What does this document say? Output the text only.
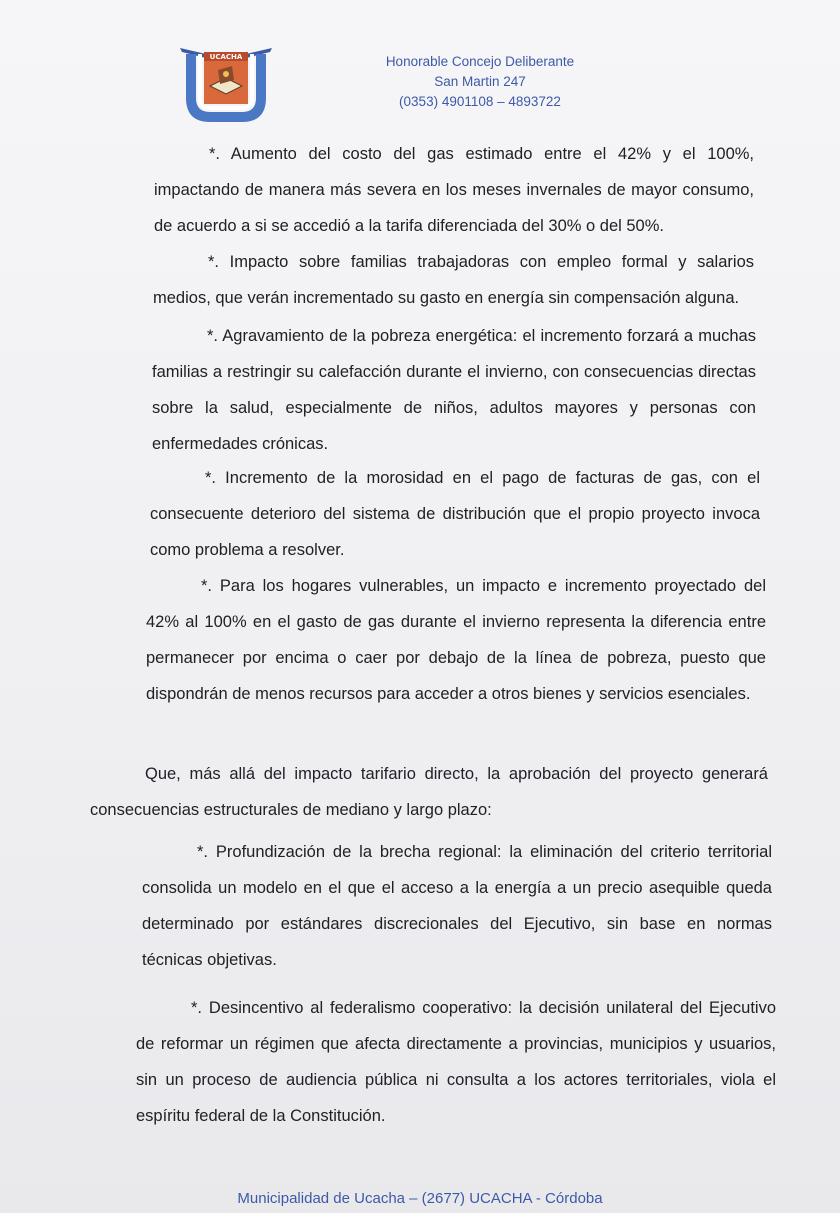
UCACHA	Honorable Concejo Deliberante
San Martin 247
(0353) 4901108 – 4893722

*. Aumento del costo del gas estimado entre el 42% y el 100%, impactando de manera más severa en los meses invernales de mayor consumo, de acuerdo a si se accedió a la tarifa diferenciada del 30% o del 50%.

*. Impacto sobre familias trabajadoras con empleo formal y salarios medios, que verán incrementado su gasto en energía sin compensación alguna.

*. Agravamiento de la pobreza energética: el incremento forzará a muchas familias a restringir su calefacción durante el invierno, con consecuencias directas sobre la salud, especialmente de niños, adultos mayores y personas con enfermedades crónicas.

*. Incremento de la morosidad en el pago de facturas de gas, con el consecuente deterioro del sistema de distribución que el propio proyecto invoca como problema a resolver.

*. Para los hogares vulnerables, un impacto e incremento proyectado del 42% al 100% en el gasto de gas durante el invierno representa la diferencia entre permanecer por encima o caer por debajo de la línea de pobreza, puesto que dispondrán de menos recursos para acceder a otros bienes y servicios esenciales.

Que, más allá del impacto tarifario directo, la aprobación del proyecto generará consecuencias estructurales de mediano y largo plazo:

*. Profundización de la brecha regional: la eliminación del criterio territorial consolida un modelo en el que el acceso a la energía a un precio asequible queda determinado por estándares discrecionales del Ejecutivo, sin base en normas técnicas objetivas.

*. Desincentivo al federalismo cooperativo: la decisión unilateral del Ejecutivo de reformar un régimen que afecta directamente a provincias, municipios y usuarios, sin un proceso de audiencia pública ni consulta a los actores territoriales, viola el espíritu federal de la Constitución.

Municipalidad de Ucacha – (2677) UCACHA - Córdoba
